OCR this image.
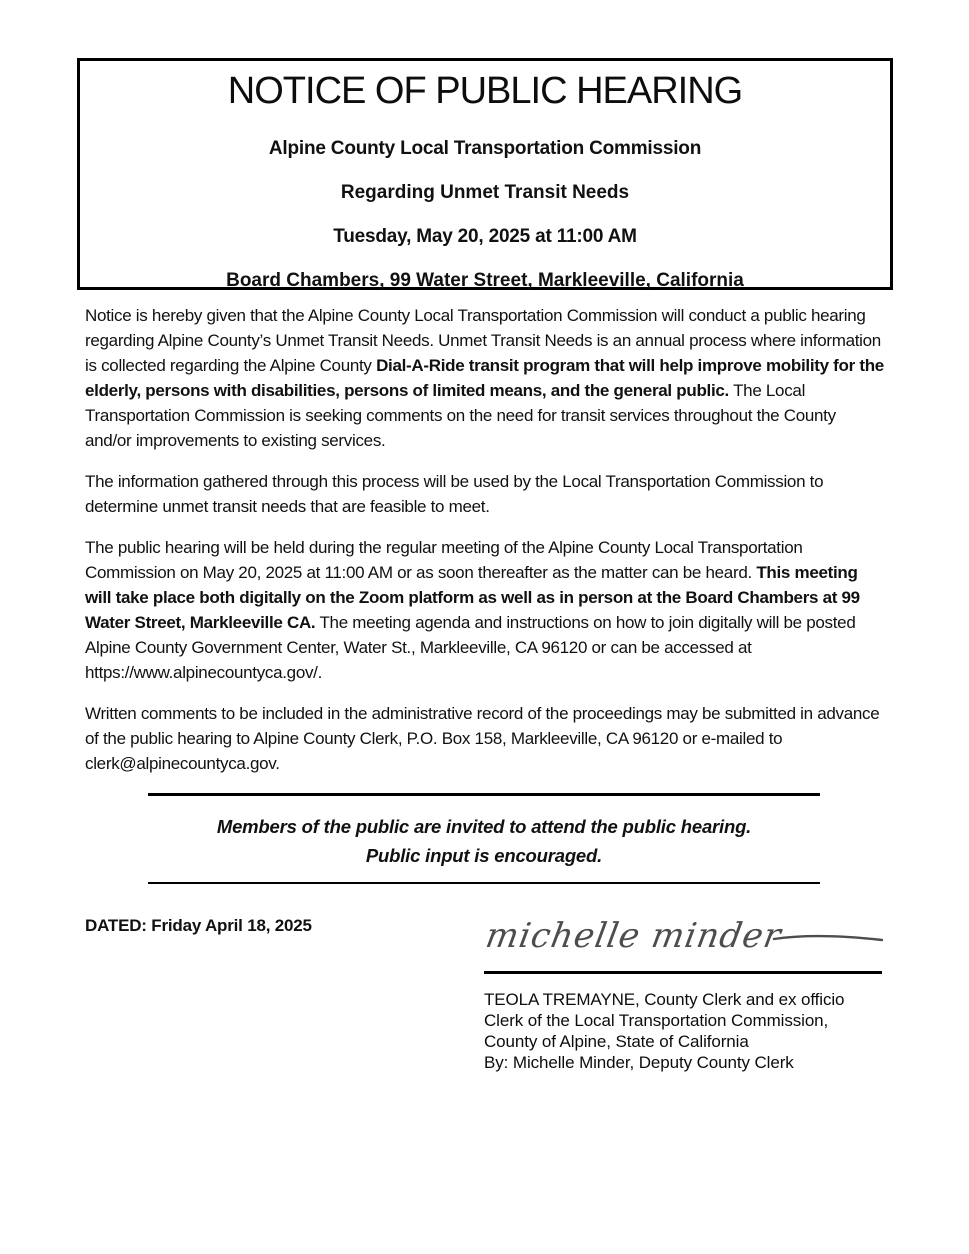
NOTICE OF PUBLIC HEARING
Alpine County Local Transportation Commission
Regarding Unmet Transit Needs
Tuesday, May 20, 2025 at 11:00 AM
Board Chambers, 99 Water Street, Markleeville, California

Notice is hereby given that the Alpine County Local Transportation Commission will conduct a public hearing regarding Alpine County’s Unmet Transit Needs. Unmet Transit Needs is an annual process where information is collected regarding the Alpine County Dial-A-Ride transit program that will help improve mobility for the elderly, persons with disabilities, persons of limited means, and the general public. The Local Transportation Commission is seeking comments on the need for transit services throughout the County and/or improvements to existing services.

The information gathered through this process will be used by the Local Transportation Commission to determine unmet transit needs that are feasible to meet.

The public hearing will be held during the regular meeting of the Alpine County Local Transportation Commission on May 20, 2025 at 11:00 AM or as soon thereafter as the matter can be heard. This meeting will take place both digitally on the Zoom platform as well as in person at the Board Chambers at 99 Water Street, Markleeville CA. The meeting agenda and instructions on how to join digitally will be posted Alpine County Government Center, Water St., Markleeville, CA 96120 or can be accessed at https://www.alpinecountyca.gov/.

Written comments to be included in the administrative record of the proceedings may be submitted in advance of the public hearing to Alpine County Clerk, P.O. Box 158, Markleeville, CA 96120 or e-mailed to clerk@alpinecountyca.gov.

Members of the public are invited to attend the public hearing.
Public input is encouraged.
DATED: Friday April 18, 2025	michelle minder
TEOLA TREMAYNE, County Clerk and ex officio
Clerk of the Local Transportation Commission,
County of Alpine, State of California
By: Michelle Minder, Deputy County Clerk
